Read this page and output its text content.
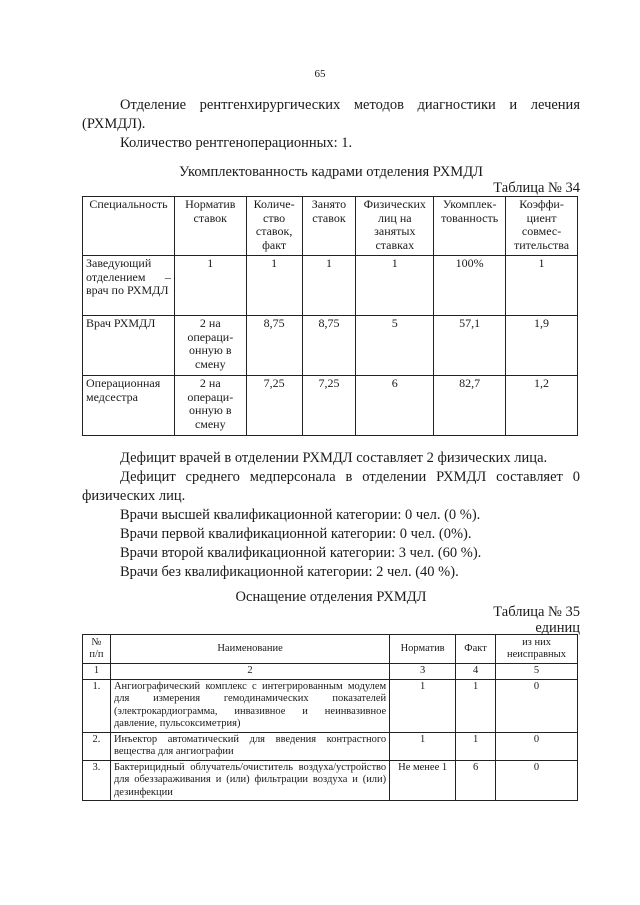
65

Отделение рентгенхирургических методов диагностики и лечения (РХМДЛ).

Количество рентгеноперационных: 1.

Укомплектованность кадрами отделения РХМДЛ

Таблица № 34

Специальность	Норматив ставок	Количе-ство ставок, факт	Занято ставок	Физических лиц на занятых ставках	Укомплек-тованность	Коэффи-циент совмес-тительства
Заведующий отделением – врач по РХМДЛ	1	1	1	1	100%	1
Врач РХМДЛ	2 на операци-онную в смену	8,75	8,75	5	57,1	1,9
Операционная медсестра	2 на операци-онную в смену	7,25	7,25	6	82,7	1,2

Дефицит врачей в отделении РХМДЛ составляет 2 физических лица.

Дефицит среднего медперсонала в отделении РХМДЛ составляет 0 физических лиц.

Врачи высшей квалификационной категории: 0 чел. (0 %).

Врачи первой квалификационной категории: 0 чел. (0%).

Врачи второй квалификационной категории: 3 чел. (60 %).

Врачи без квалификационной категории: 2 чел. (40 %).

Оснащение отделения РХМДЛ

Таблица № 35

единиц

№ п/п	Наименование	Норматив	Факт	из них неисправных
1	2	3	4	5
1.	Ангиографический комплекс с интегрированным модулем для измерения гемодинамических показателей (электрокардиограмма, инвазивное и неинвазивное давление, пульсоксиметрия)	1	1	0
2.	Инъектор автоматический для введения контрастного вещества для ангиографии	1	1	0
3.	Бактерицидный облучатель/очиститель воздуха/устройство для обеззараживания и (или) фильтрации воздуха и (или) дезинфекции	Не менее 1	6	0
